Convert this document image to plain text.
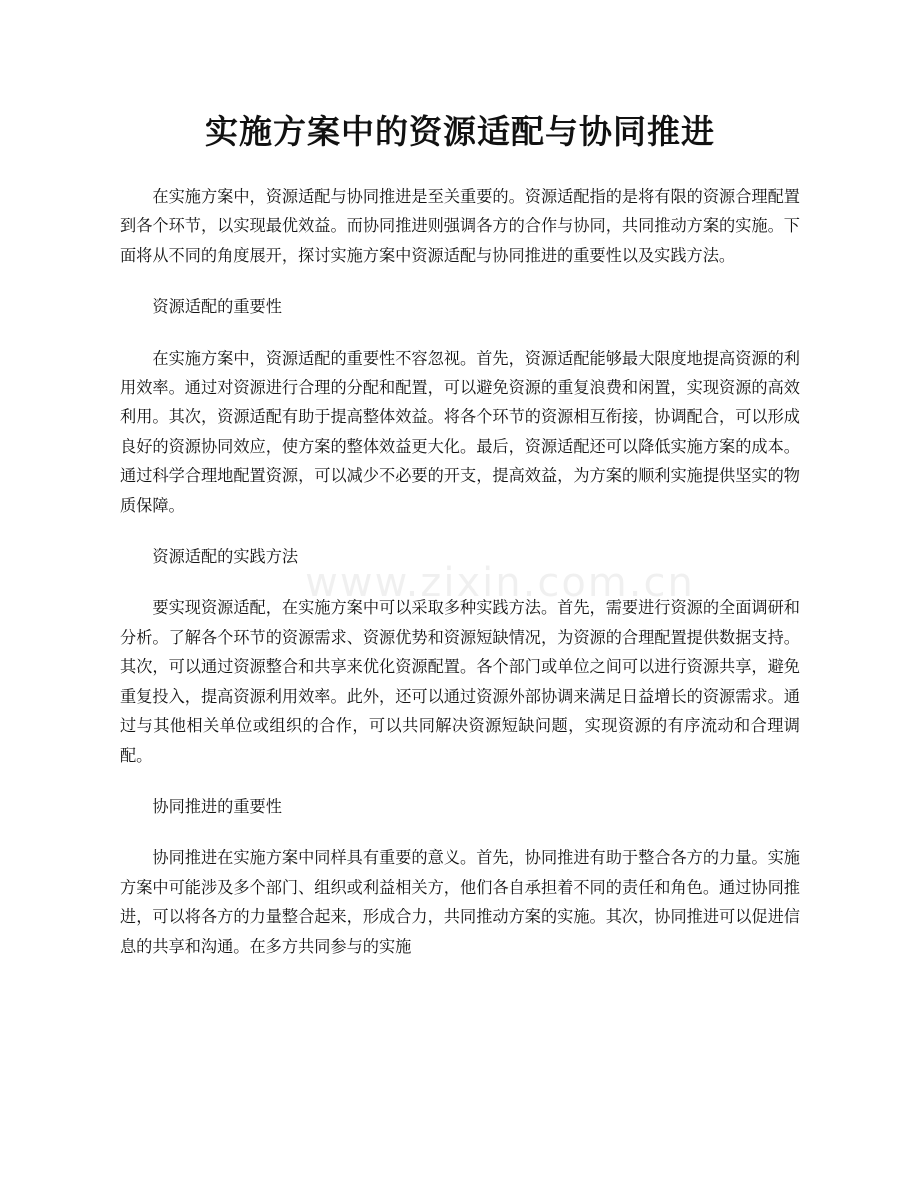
实施方案中的资源适配与协同推进

在实施方案中，资源适配与协同推进是至关重要的。资源适配指的是将有限的资源合理配置到各个环节，以实现最优效益。而协同推进则强调各方的合作与协同，共同推动方案的实施。下面将从不同的角度展开，探讨实施方案中资源适配与协同推进的重要性以及实践方法。

资源适配的重要性

在实施方案中，资源适配的重要性不容忽视。首先，资源适配能够最大限度地提高资源的利用效率。通过对资源进行合理的分配和配置，可以避免资源的重复浪费和闲置，实现资源的高效利用。其次，资源适配有助于提高整体效益。将各个环节的资源相互衔接，协调配合，可以形成良好的资源协同效应，使方案的整体效益更大化。最后，资源适配还可以降低实施方案的成本。通过科学合理地配置资源，可以减少不必要的开支，提高效益，为方案的顺利实施提供坚实的物质保障。

资源适配的实践方法

要实现资源适配，在实施方案中可以采取多种实践方法。首先，需要进行资源的全面调研和分析。了解各个环节的资源需求、资源优势和资源短缺情况，为资源的合理配置提供数据支持。其次，可以通过资源整合和共享来优化资源配置。各个部门或单位之间可以进行资源共享，避免重复投入，提高资源利用效率。此外，还可以通过资源外部协调来满足日益增长的资源需求。通过与其他相关单位或组织的合作，可以共同解决资源短缺问题，实现资源的有序流动和合理调配。

协同推进的重要性

协同推进在实施方案中同样具有重要的意义。首先，协同推进有助于整合各方的力量。实施方案中可能涉及多个部门、组织或利益相关方，他们各自承担着不同的责任和角色。通过协同推进，可以将各方的力量整合起来，形成合力，共同推动方案的实施。其次，协同推进可以促进信息的共享和沟通。在多方共同参与的实施

www.zixin.com.cn
